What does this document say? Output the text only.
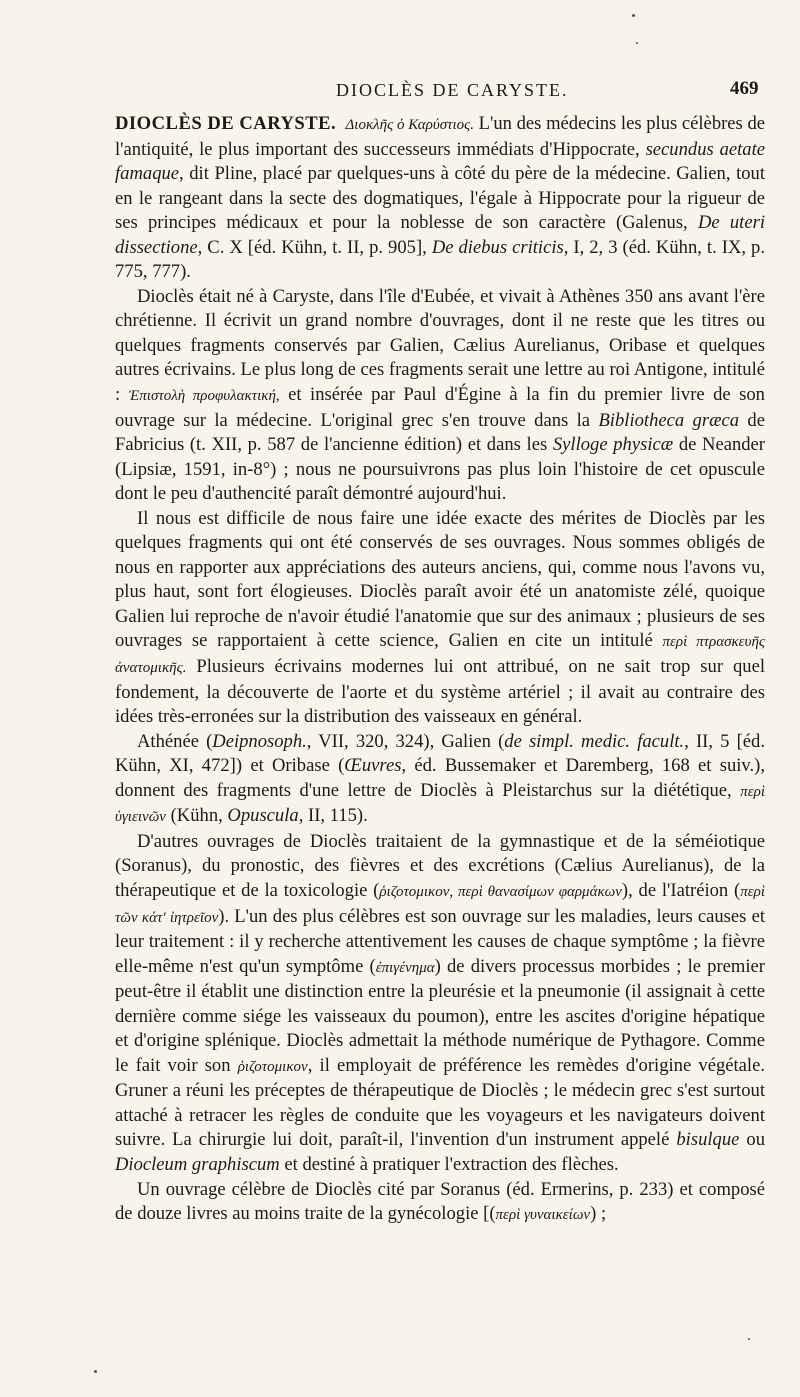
DIOCLÈS DE CARYSTE.	469

DIOCLÈS DE CARYSTE. Διοκλῆς ὁ Καρύστιος. L'un des médecins les plus célèbres de l'antiquité, le plus important des successeurs immédiats d'Hippocrate, secundus aetate famaque, dit Pline, placé par quelques-uns à côté du père de la médecine. Galien, tout en le rangeant dans la secte des dogmatiques, l'égale à Hippocrate pour la rigueur de ses principes médicaux et pour la noblesse de son caractère (Galenus, De uteri dissectione, C. X [éd. Kühn, t. II, p. 905], De diebus criticis, I, 2, 3 (éd. Kühn, t. IX, p. 775, 777).

Dioclès était né à Caryste, dans l'île d'Eubée, et vivait à Athènes 350 ans avant l'ère chrétienne. Il écrivit un grand nombre d'ouvrages, dont il ne reste que les titres ou quelques fragments conservés par Galien, Cælius Aurelianus, Oribase et quelques autres écrivains. Le plus long de ces fragments serait une lettre au roi Antigone, intitulé : Ἐπιστολὴ προφυλακτική, et insérée par Paul d'Égine à la fin du premier livre de son ouvrage sur la médecine. L'original grec s'en trouve dans la Bibliotheca græca de Fabricius (t. XII, p. 587 de l'ancienne édition) et dans les Sylloge physicæ de Neander (Lipsiæ, 1591, in-8°) ; nous ne poursuivrons pas plus loin l'histoire de cet opuscule dont le peu d'authencité paraît démontré aujourd'hui.

Il nous est difficile de nous faire une idée exacte des mérites de Dioclès par les quelques fragments qui ont été conservés de ses ouvrages. Nous sommes obligés de nous en rapporter aux appréciations des auteurs anciens, qui, comme nous l'avons vu, plus haut, sont fort élogieuses. Dioclès paraît avoir été un anatomiste zélé, quoique Galien lui reproche de n'avoir étudié l'anatomie que sur des animaux ; plusieurs de ses ouvrages se rapportaient à cette science, Galien en cite un intitulé περὶ πτρασκευῆς ἀνατομικῆς. Plusieurs écrivains modernes lui ont attribué, on ne sait trop sur quel fondement, la découverte de l'aorte et du système artériel ; il avait au contraire des idées très-erronées sur la distribution des vaisseaux en général.

Athénée (Deipnosoph., VII, 320, 324), Galien (de simpl. medic. facult., II, 5 [éd. Kühn, XI, 472]) et Oribase (Œuvres, éd. Bussemaker et Daremberg, 168 et suiv.), donnent des fragments d'une lettre de Dioclès à Pleistarchus sur la diététique, περὶ ὑγιεινῶν (Kühn, Opuscula, II, 115).

D'autres ouvrages de Dioclès traitaient de la gymnastique et de la séméiotique (Soranus), du pronostic, des fièvres et des excrétions (Cælius Aurelianus), de la thérapeutique et de la toxicologie (ῥιζοτομικον, περὶ θανασίμων φαρμάκων), de l'Iatréion (περὶ τῶν κάτ' ἰητρεῖον). L'un des plus célèbres est son ouvrage sur les maladies, leurs causes et leur traitement : il y recherche attentivement les causes de chaque symptôme ; la fièvre elle-même n'est qu'un symptôme (ἐπιγένημα) de divers processus morbides ; le premier peut-être il établit une distinction entre la pleurésie et la pneumonie (il assignait à cette dernière comme siége les vaisseaux du poumon), entre les ascites d'origine hépatique et d'origine splénique. Dioclès admettait la méthode numérique de Pythagore. Comme le fait voir son ῥιζοτομικον, il employait de préférence les remèdes d'origine végétale. Gruner a réuni les préceptes de thérapeutique de Dioclès ; le médecin grec s'est surtout attaché à retracer les règles de conduite que les voyageurs et les navigateurs doivent suivre. La chirurgie lui doit, paraît-il, l'invention d'un instrument appelé bisulque ou Diocleum graphiscum et destiné à pratiquer l'extraction des flèches.

Un ouvrage célèbre de Dioclès cité par Soranus (éd. Ermerins, p. 233) et composé de douze livres au moins traite de la gynécologie [(περὶ γυναικείων) ;
